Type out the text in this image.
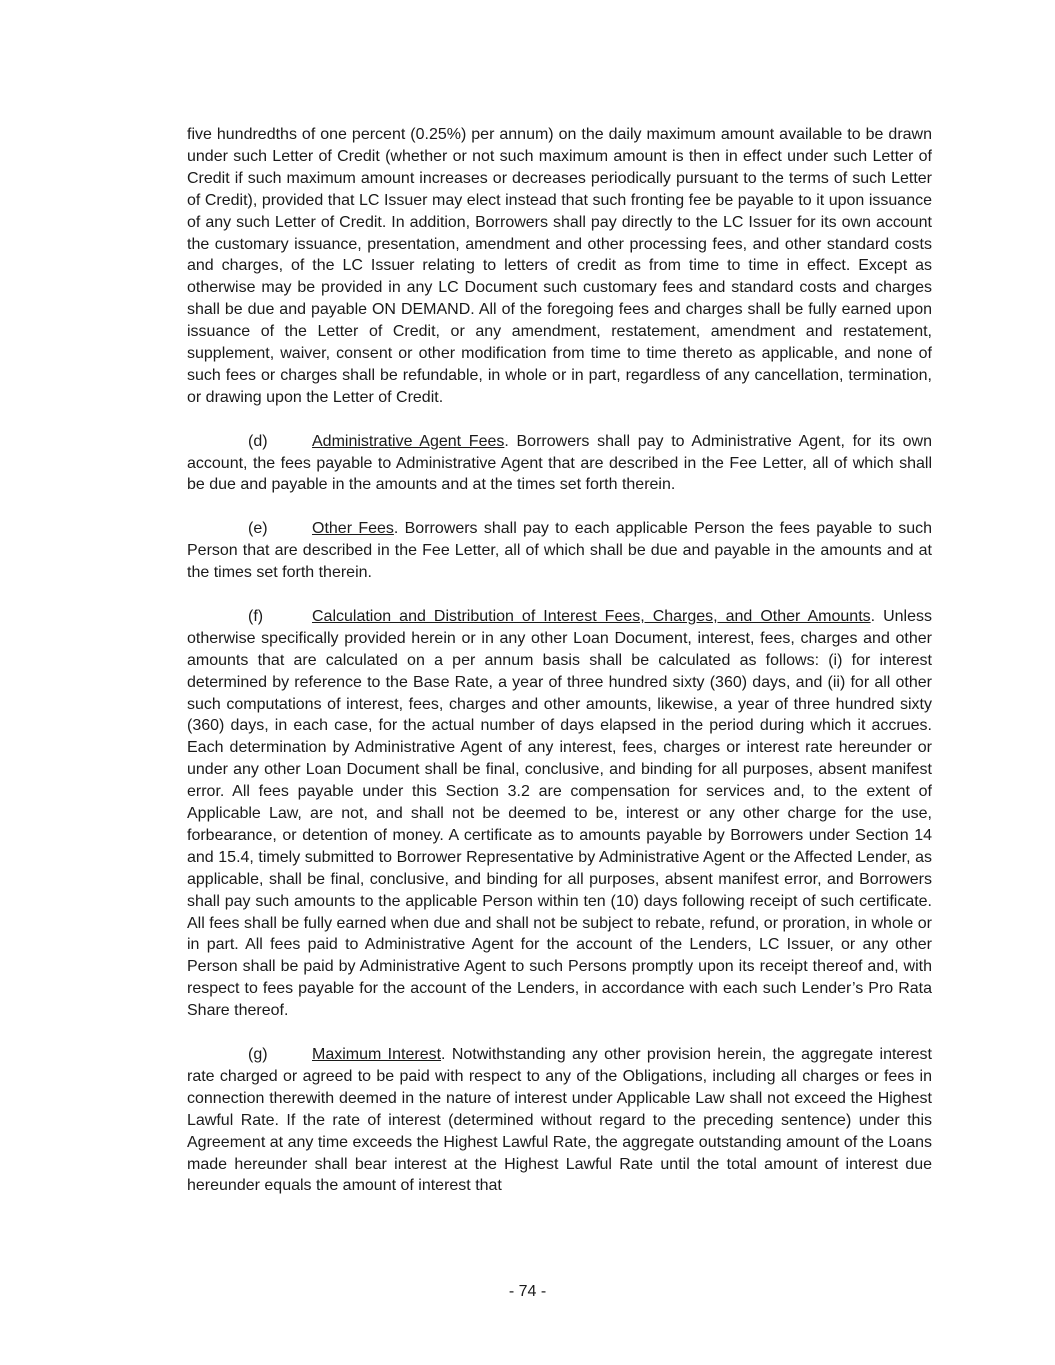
five hundredths of one percent (0.25%) per annum) on the daily maximum amount available to be drawn under such Letter of Credit (whether or not such maximum amount is then in effect under such Letter of Credit if such maximum amount increases or decreases periodically pursuant to the terms of such Letter of Credit), provided that LC Issuer may elect instead that such fronting fee be payable to it upon issuance of any such Letter of Credit. In addition, Borrowers shall pay directly to the LC Issuer for its own account the customary issuance, presentation, amendment and other processing fees, and other standard costs and charges, of the LC Issuer relating to letters of credit as from time to time in effect. Except as otherwise may be provided in any LC Document such customary fees and standard costs and charges shall be due and payable ON DEMAND. All of the foregoing fees and charges shall be fully earned upon issuance of the Letter of Credit, or any amendment, restatement, amendment and restatement, supplement, waiver, consent or other modification from time to time thereto as applicable, and none of such fees or charges shall be refundable, in whole or in part, regardless of any cancellation, termination, or drawing upon the Letter of Credit.

(d)	Administrative Agent Fees. Borrowers shall pay to Administrative Agent, for its own account, the fees payable to Administrative Agent that are described in the Fee Letter, all of which shall be due and payable in the amounts and at the times set forth therein.

(e)	Other Fees. Borrowers shall pay to each applicable Person the fees payable to such Person that are described in the Fee Letter, all of which shall be due and payable in the amounts and at the times set forth therein.

(f)	Calculation and Distribution of Interest Fees, Charges, and Other Amounts. Unless otherwise specifically provided herein or in any other Loan Document, interest, fees, charges and other amounts that are calculated on a per annum basis shall be calculated as follows: (i) for interest determined by reference to the Base Rate, a year of three hundred sixty (360) days, and (ii) for all other such computations of interest, fees, charges and other amounts, likewise, a year of three hundred sixty (360) days, in each case, for the actual number of days elapsed in the period during which it accrues. Each determination by Administrative Agent of any interest, fees, charges or interest rate hereunder or under any other Loan Document shall be final, conclusive, and binding for all purposes, absent manifest error. All fees payable under this Section 3.2 are compensation for services and, to the extent of Applicable Law, are not, and shall not be deemed to be, interest or any other charge for the use, forbearance, or detention of money. A certificate as to amounts payable by Borrowers under Section 14 and 15.4, timely submitted to Borrower Representative by Administrative Agent or the Affected Lender, as applicable, shall be final, conclusive, and binding for all purposes, absent manifest error, and Borrowers shall pay such amounts to the applicable Person within ten (10) days following receipt of such certificate. All fees shall be fully earned when due and shall not be subject to rebate, refund, or proration, in whole or in part. All fees paid to Administrative Agent for the account of the Lenders, LC Issuer, or any other Person shall be paid by Administrative Agent to such Persons promptly upon its receipt thereof and, with respect to fees payable for the account of the Lenders, in accordance with each such Lender’s Pro Rata Share thereof.

(g)	Maximum Interest. Notwithstanding any other provision herein, the aggregate interest rate charged or agreed to be paid with respect to any of the Obligations, including all charges or fees in connection therewith deemed in the nature of interest under Applicable Law shall not exceed the Highest Lawful Rate. If the rate of interest (determined without regard to the preceding sentence) under this Agreement at any time exceeds the Highest Lawful Rate, the aggregate outstanding amount of the Loans made hereunder shall bear interest at the Highest Lawful Rate until the total amount of interest due hereunder equals the amount of interest that

- 74 -
